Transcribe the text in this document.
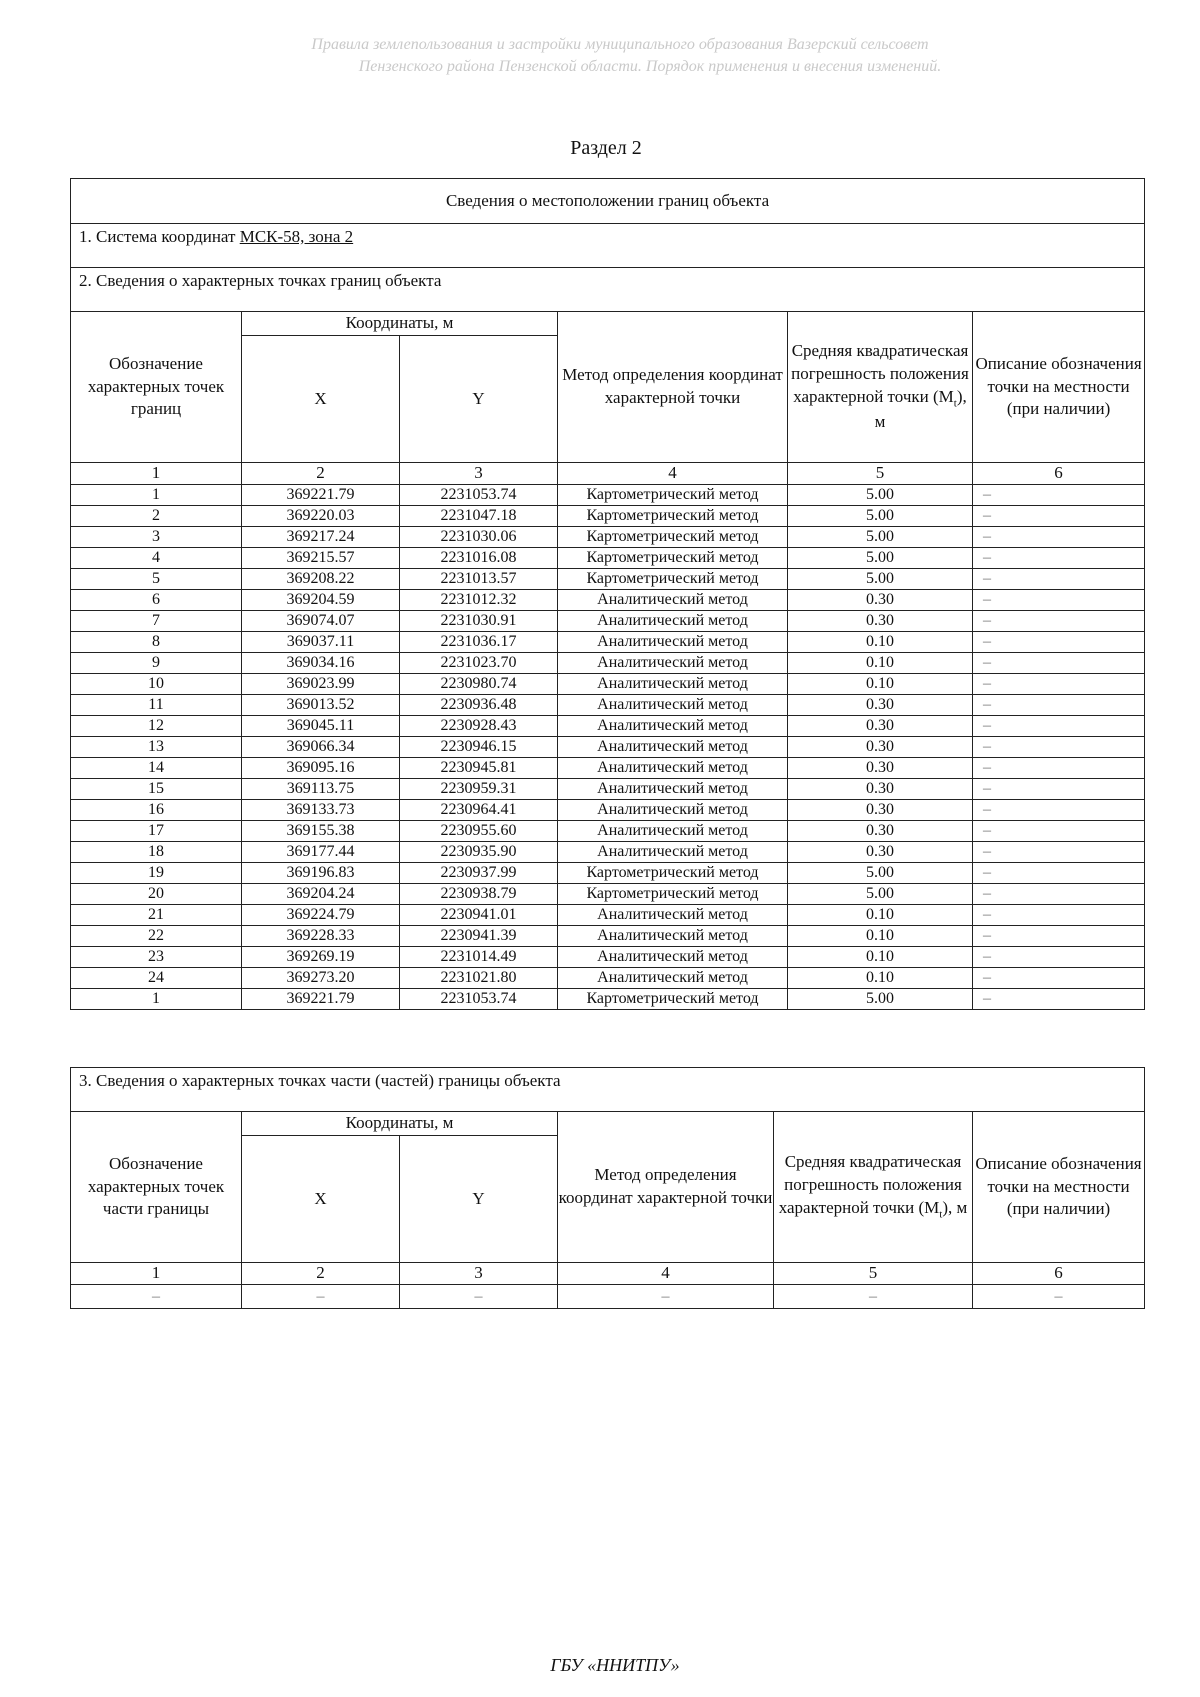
Правила землепользования и застройки муниципального образования Вазерский сельсовет
Пензенского района Пензенской области. Порядок применения и внесения изменений.
Раздел 2
Сведения о местоположении границ объекта					
1. Система координат МСК-58, зона 2					
2. Сведения о характерных точках границ объекта					
Обозначение характерных точек границ	Координаты, м		Метод определения координат характерной точки	Средняя квадратическая погрешность положения характерной точки $(M_t)$, м	Описание обозначения точки на местности (при наличии)
	X	Y			
1	2	3	4	5	6
1	369221.79	2231053.74	Картометрический метод	5.00	–
2	369220.03	2231047.18	Картометрический метод	5.00	–
3	369217.24	2231030.06	Картометрический метод	5.00	–
4	369215.57	2231016.08	Картометрический метод	5.00	–
5	369208.22	2231013.57	Картометрический метод	5.00	–
6	369204.59	2231012.32	Аналитический метод	0.30	–
7	369074.07	2231030.91	Аналитический метод	0.30	–
8	369037.11	2231036.17	Аналитический метод	0.10	–
9	369034.16	2231023.70	Аналитический метод	0.10	–
10	369023.99	2230980.74	Аналитический метод	0.10	–
11	369013.52	2230936.48	Аналитический метод	0.30	–
12	369045.11	2230928.43	Аналитический метод	0.30	–
13	369066.34	2230946.15	Аналитический метод	0.30	–
14	369095.16	2230945.81	Аналитический метод	0.30	–
15	369113.75	2230959.31	Аналитический метод	0.30	–
16	369133.73	2230964.41	Аналитический метод	0.30	–
17	369155.38	2230955.60	Аналитический метод	0.30	–
18	369177.44	2230935.90	Аналитический метод	0.30	–
19	369196.83	2230937.99	Картометрический метод	5.00	–
20	369204.24	2230938.79	Картометрический метод	5.00	–
21	369224.79	2230941.01	Аналитический метод	0.10	–
22	369228.33	2230941.39	Аналитический метод	0.10	–
23	369269.19	2231014.49	Аналитический метод	0.10	–
24	369273.20	2231021.80	Аналитический метод	0.10	–
1	369221.79	2231053.74	Картометрический метод	5.00	–
3. Сведения о характерных точках части (частей) границы объекта					
Обозначение характерных точек части границы	Координаты, м		Метод определения координат характерной точки	Средняя квадратическая погрешность положения характерной точки $(M_t)$, м	Описание обозначения точки на местности (при наличии)
	X	Y			
1	2	3	4	5	6
–	–	–	–	–	–
ГБУ «ННИТПУ»
